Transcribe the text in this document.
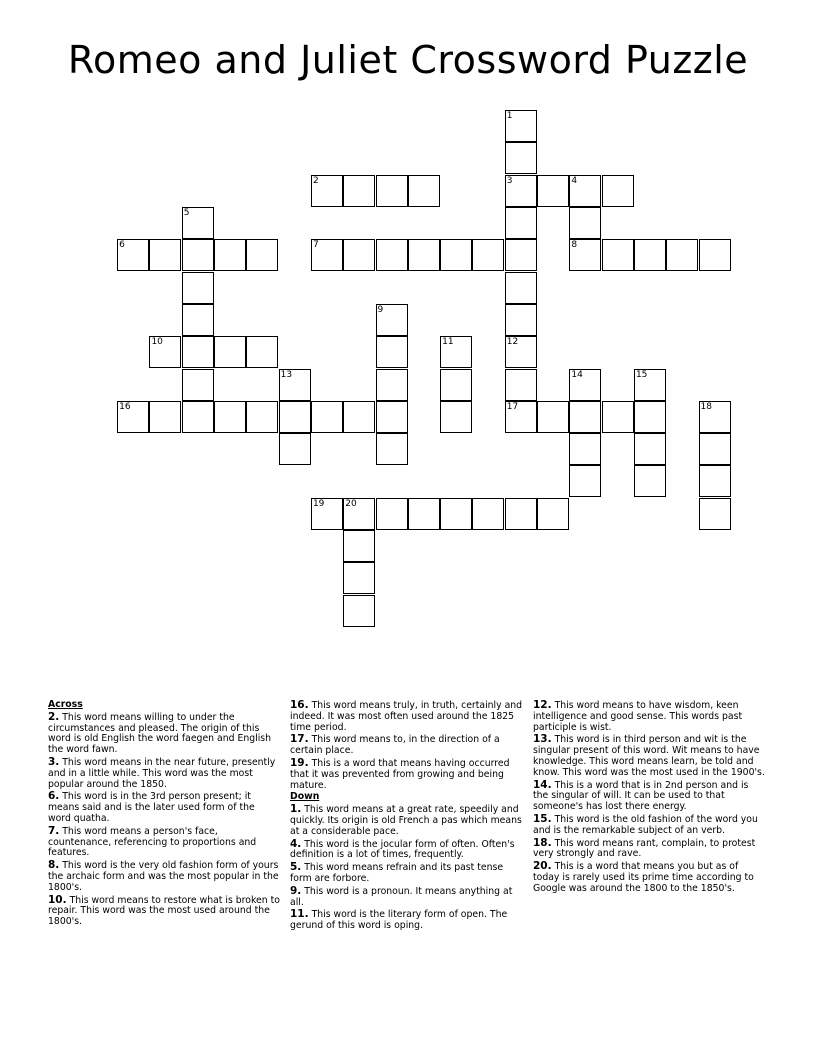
Romeo and Juliet Crossword Puzzle
1
3
2	4
5
6	7	8
9
10	11	12
13	14	15
16	18
17
19 20
Across
2. This word means willing to under the circumstances and pleased. The origin of this word is old English the word faegen and English the word fawn.
3. This word means in the near future, presently and in a little while. This word was the most popular around the 1850.
6. This word is in the 3rd person present; it means said and is the later used form of the word quatha.
7. This word means a person's face, countenance, referencing to proportions and features.
8. This word is the very old fashion form of yours the archaic form and was the most popular in the 1800's.
10. This word means to restore what is broken to repair. This word was the most used around the 1800's.
16. This word means truly, in truth, certainly and indeed. It was most often used around the 1825 time period.
17. This word means to, in the direction of a certain place.
19. This is a word that means having occurred that it was prevented from growing and being mature.
Down
1. This word means at a great rate, speedily and quickly. Its origin is old French a pas which means at a considerable pace.
4. This word is the jocular form of often. Often's definition is a lot of times, frequently.
5. This word means refrain and its past tense form are forbore.
9. This word is a pronoun. It means anything at all.
11. This word is the literary form of open. The gerund of this word is oping.
12. This word means to have wisdom, keen intelligence and good sense. This words past participle is wist.
13. This word is in third person and wit is the singular present of this word. Wit means to have knowledge. This word means learn, be told and know. This word was the most used in the 1900's.
14. This is a word that is in 2nd person and is the singular of will. It can be used to that someone's has lost there energy.
15. This word is the old fashion of the word you and is the remarkable subject of an verb.
18. This word means rant, complain, to protest very strongly and rave.
20. This is a word that means you but as of today is rarely used its prime time according to Google was around the 1800 to the 1850's.
